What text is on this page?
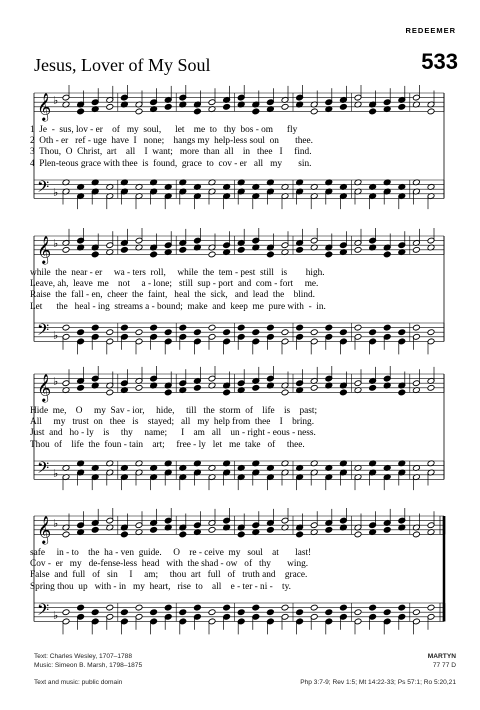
REDEEMER
Jesus, Lover of My Soul	533
𝄞
𝄢
♭
♭
1  Je  -  sus, lov - er    of   my  soul,      let    me  to   thy  bos - om      fly
2  Oth - er   ref - uge  have  I   none;    hangs my  help-less soul  on       thee.
3  Thou,  O  Christ,  art    all    I  want;   more  than  all    in   thee   I     find.
4  Plen-teous grace with thee  is  found,  grace  to  cov - er   all   my       sin.
𝄞
𝄢
♭
♭
while  the  near - er     wa - ters  roll,     while  the  tem - pest  still   is        high.
Leave, ah,  leave  me    not     a - lone;   still  sup - port  and  com - fort     me.
Raise  the  fall - en,  cheer  the  faint,   heal  the  sick,   and  lead  the    blind.
Let      the   heal - ing  streams a - bound;  make  and  keep  me  pure with  -  in.
𝄞
𝄢
♭
♭
Hide  me,    O     my  Sav - ior,     hide,     till   the  storm  of    life    is    past;
All     my   trust  on   thee   is    stayed;   all   my  help from  thee    I    bring.
Just  and   ho - ly    is     thy     name;      I    am   all    un - right - eous - ness.
Thou  of    life  the  foun - tain    art;     free - ly   let   me  take   of     thee.
𝄞
𝄢
♭
♭
safe     in - to    the  ha - ven  guide.     O    re - ceive  my   soul    at       last!
Cov -  er   my   de-fense-less  head   with  the shad - ow   of   thy       wing.
False  and  full   of   sin     I     am;     thou  art   full   of   truth and    grace.
Spring thou  up   with - in   my  heart,   rise  to    all    e - ter - ni -    ty.
Text: Charles Wesley, 1707–1788
Music: Simeon B. Marsh, 1798–1875
MARTYN
77 77 D
Text and music: public domain	Php 3:7-9; Rev 1:5; Mt 14:22-33; Ps 57:1; Ro 5:20,21
